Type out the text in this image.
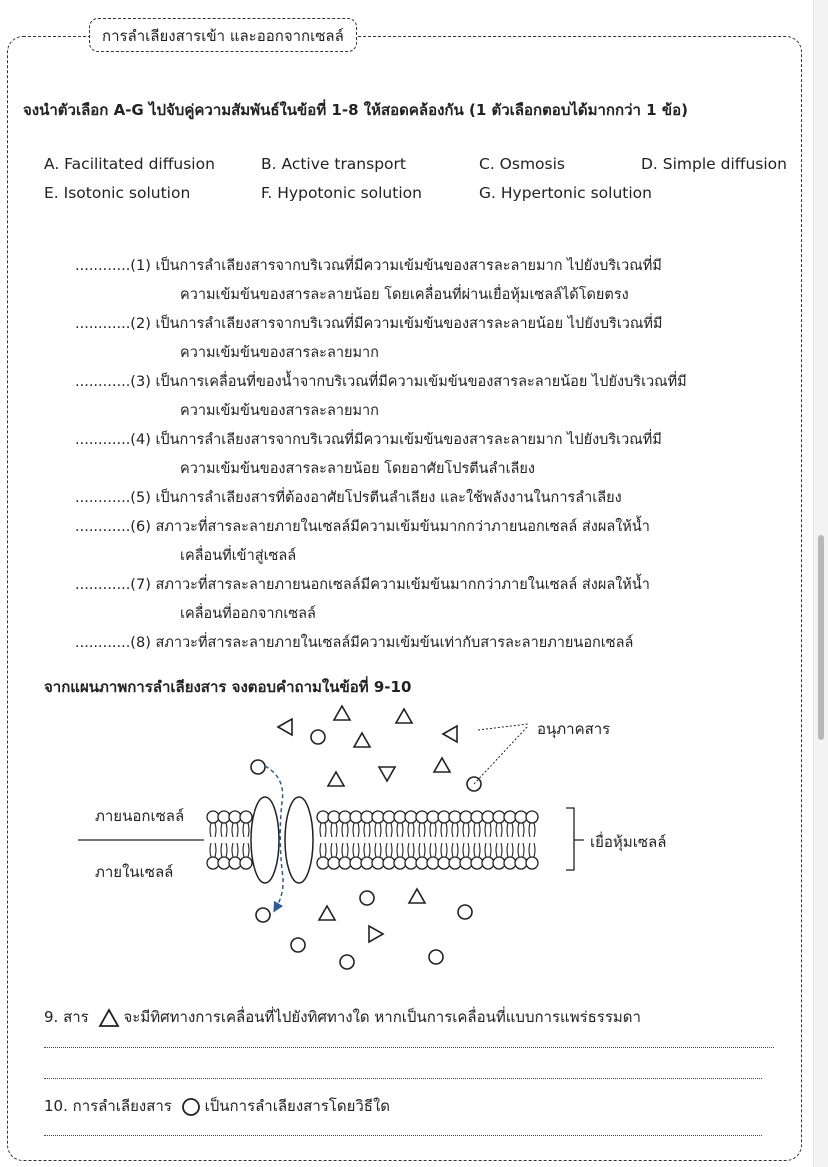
การลำเลียงสารเข้า และออกจากเซลล์
จงนำตัวเลือก A-G ไปจับคู่ความสัมพันธ์ในข้อที่ 1-8 ให้สอดคล้องกัน (1 ตัวเลือกตอบได้มากกว่า 1 ข้อ)
A. Facilitated diffusion	B. Active transport	C. Osmosis	D. Simple diffusion
E. Isotonic solution	F. Hypotonic solution	G. Hypertonic solution
............(1) เป็นการลำเลียงสารจากบริเวณที่มีความเข้มข้นของสารละลายมาก ไปยังบริเวณที่มี
ความเข้มข้นของสารละลายน้อย โดยเคลื่อนที่ผ่านเยื่อหุ้มเซลล์ได้โดยตรง
............(2) เป็นการลำเลียงสารจากบริเวณที่มีความเข้มข้นของสารละลายน้อย ไปยังบริเวณที่มี
ความเข้มข้นของสารละลายมาก
............(3) เป็นการเคลื่อนที่ของน้ำจากบริเวณที่มีความเข้มข้นของสารละลายน้อย ไปยังบริเวณที่มี
ความเข้มข้นของสารละลายมาก
............(4) เป็นการลำเลียงสารจากบริเวณที่มีความเข้มข้นของสารละลายมาก ไปยังบริเวณที่มี
ความเข้มข้นของสารละลายน้อย โดยอาศัยโปรตีนลำเลียง
............(5) เป็นการลำเลียงสารที่ต้องอาศัยโปรตีนลำเลียง และใช้พลังงานในการลำเลียง
............(6) สภาวะที่สารละลายภายในเซลล์มีความเข้มข้นมากกว่าภายนอกเซลล์ ส่งผลให้น้ำ
เคลื่อนที่เข้าสู่เซลล์
............(7) สภาวะที่สารละลายภายนอกเซลล์มีความเข้มข้นมากกว่าภายในเซลล์ ส่งผลให้น้ำ
เคลื่อนที่ออกจากเซลล์
............(8) สภาวะที่สารละลายภายในเซลล์มีความเข้มข้นเท่ากับสารละลายภายนอกเซลล์
จากแผนภาพการลำเลียงสาร จงตอบคำถามในข้อที่ 9-10
อนุภาคสาร
ภายนอกเซลล์
ภายในเซลล์
เยื่อหุ้มเซลล์
9. สาร จะมีทิศทางการเคลื่อนที่ไปยังทิศทางใด หากเป็นการเคลื่อนที่แบบการแพร่ธรรมดา
10. การลำเลียงสาร เป็นการลำเลียงสารโดยวิธีใด
